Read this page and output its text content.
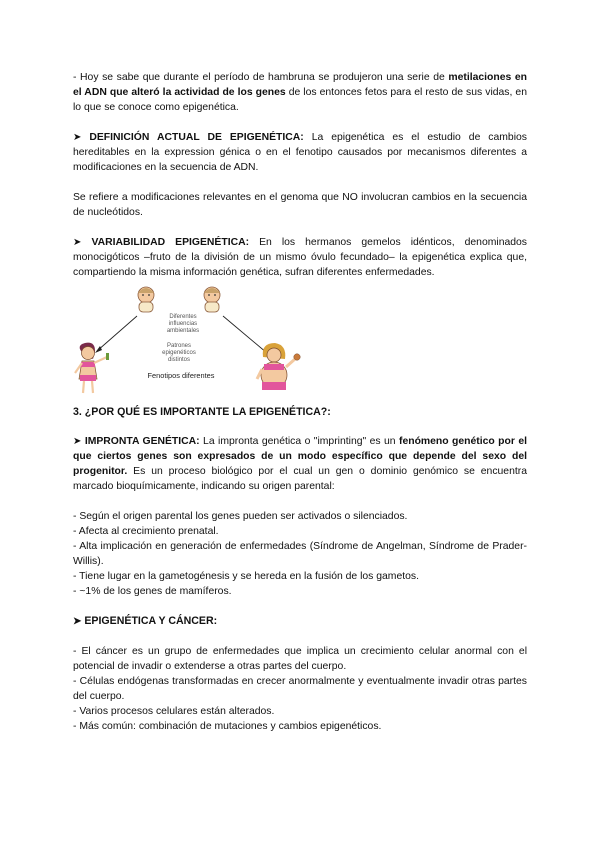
- Hoy se sabe que durante el período de hambruna se produjeron una serie de metilaciones en el ADN que alteró la actividad de los genes de los entonces fetos para el resto de sus vidas, en lo que se conoce como epigenética.

➤ DEFINICIÓN ACTUAL DE EPIGENÉTICA: La epigenética es el estudio de cambios hereditables en la expression génica o en el fenotipo causados por mecanismos diferentes a modificaciones en la secuencia de ADN.

Se refiere a modificaciones relevantes en el genoma que NO involucran cambios en la secuencia de nucleótidos.

➤ VARIABILIDAD EPIGENÉTICA: En los hermanos gemelos idénticos, denominados monocigóticos –fruto de la división de un mismo óvulo fecundado– la epigenética explica que, compartiendo la misma información genética, sufran diferentes enfermedades.

Diferentes influencias
ambientales
Patrones epigenéticos
distintos
Fenotipos diferentes

3. ¿POR QUÉ ES IMPORTANTE LA EPIGENÉTICA?:

➤ IMPRONTA GENÉTICA: La impronta genética o "imprinting" es un fenómeno genético por el que ciertos genes son expresados de un modo específico que depende del sexo del progenitor. Es un proceso biológico por el cual un gen o dominio genómico se encuentra marcado bioquímicamente, indicando su origen parental:

- Según el origen parental los genes pueden ser activados o silenciados.

- Afecta al crecimiento prenatal.

- Alta implicación en generación de enfermedades (Síndrome de Angelman, Síndrome de Prader-Willis).

- Tiene lugar en la gametogénesis y se hereda en la fusión de los gametos.

- ~1% de los genes de mamíferos.

➤ EPIGENÉTICA Y CÁNCER:

- El cáncer es un grupo de enfermedades que implica un crecimiento celular anormal con el potencial de invadir o extenderse a otras partes del cuerpo.

- Células endógenas transformadas en crecer anormalmente y eventualmente invadir otras partes del cuerpo.

- Varios procesos celulares están alterados.

- Más común: combinación de mutaciones y cambios epigenéticos.
